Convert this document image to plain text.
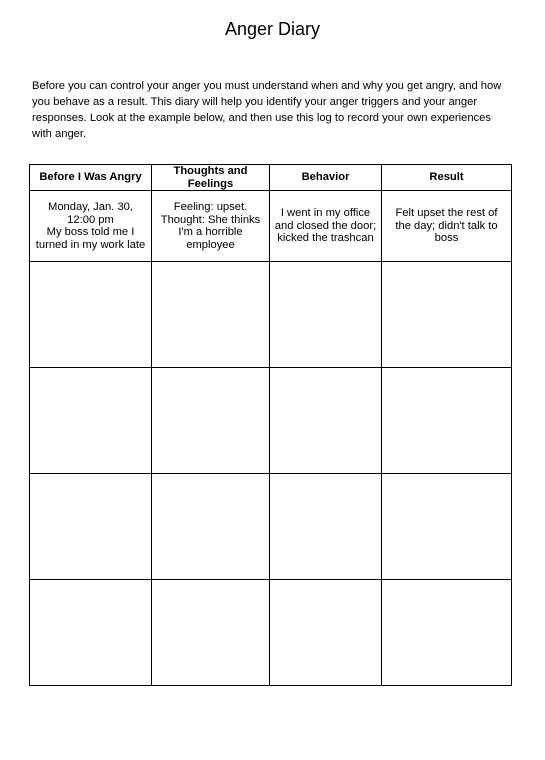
Anger Diary

Before you can control your anger you must understand when and why you get angry, and how you behave as a result. This diary will help you identify your anger triggers and your anger responses. Look at the example below, and then use this log to record your own experiences with anger.

Before I Was Angry	Thoughts and Feelings	Behavior	Result
Monday, Jan. 30,
12:00 pm
My boss told me I
turned in my work late	Feeling: upset.
Thought: She thinks
I'm a horrible
employee	I went in my office
and closed the door;
kicked the trashcan	Felt upset the rest of
the day; didn't talk to
boss
